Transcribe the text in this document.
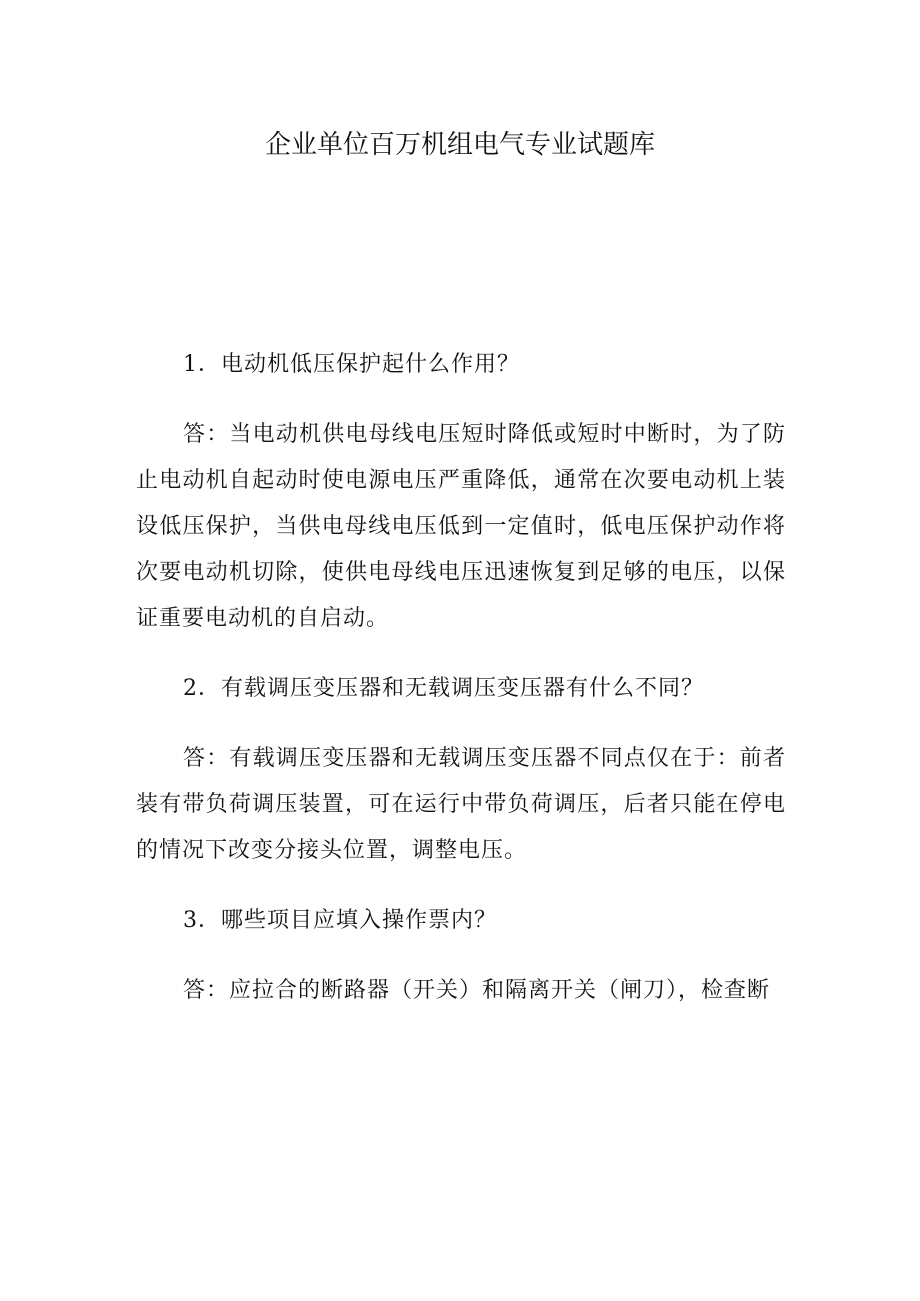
企业单位百万机组电气专业试题库

1．电动机低压保护起什么作用？

答：当电动机供电母线电压短时降低或短时中断时，为了防止电动机自起动时使电源电压严重降低，通常在次要电动机上装设低压保护，当供电母线电压低到一定值时，低电压保护动作将次要电动机切除，使供电母线电压迅速恢复到足够的电压，以保证重要电动机的自启动。

2．有载调压变压器和无载调压变压器有什么不同？

答：有载调压变压器和无载调压变压器不同点仅在于：前者装有带负荷调压装置，可在运行中带负荷调压，后者只能在停电的情况下改变分接头位置，调整电压。

3．哪些项目应填入操作票内？

答：应拉合的断路器（开关）和隔离开关（闸刀），检查断
